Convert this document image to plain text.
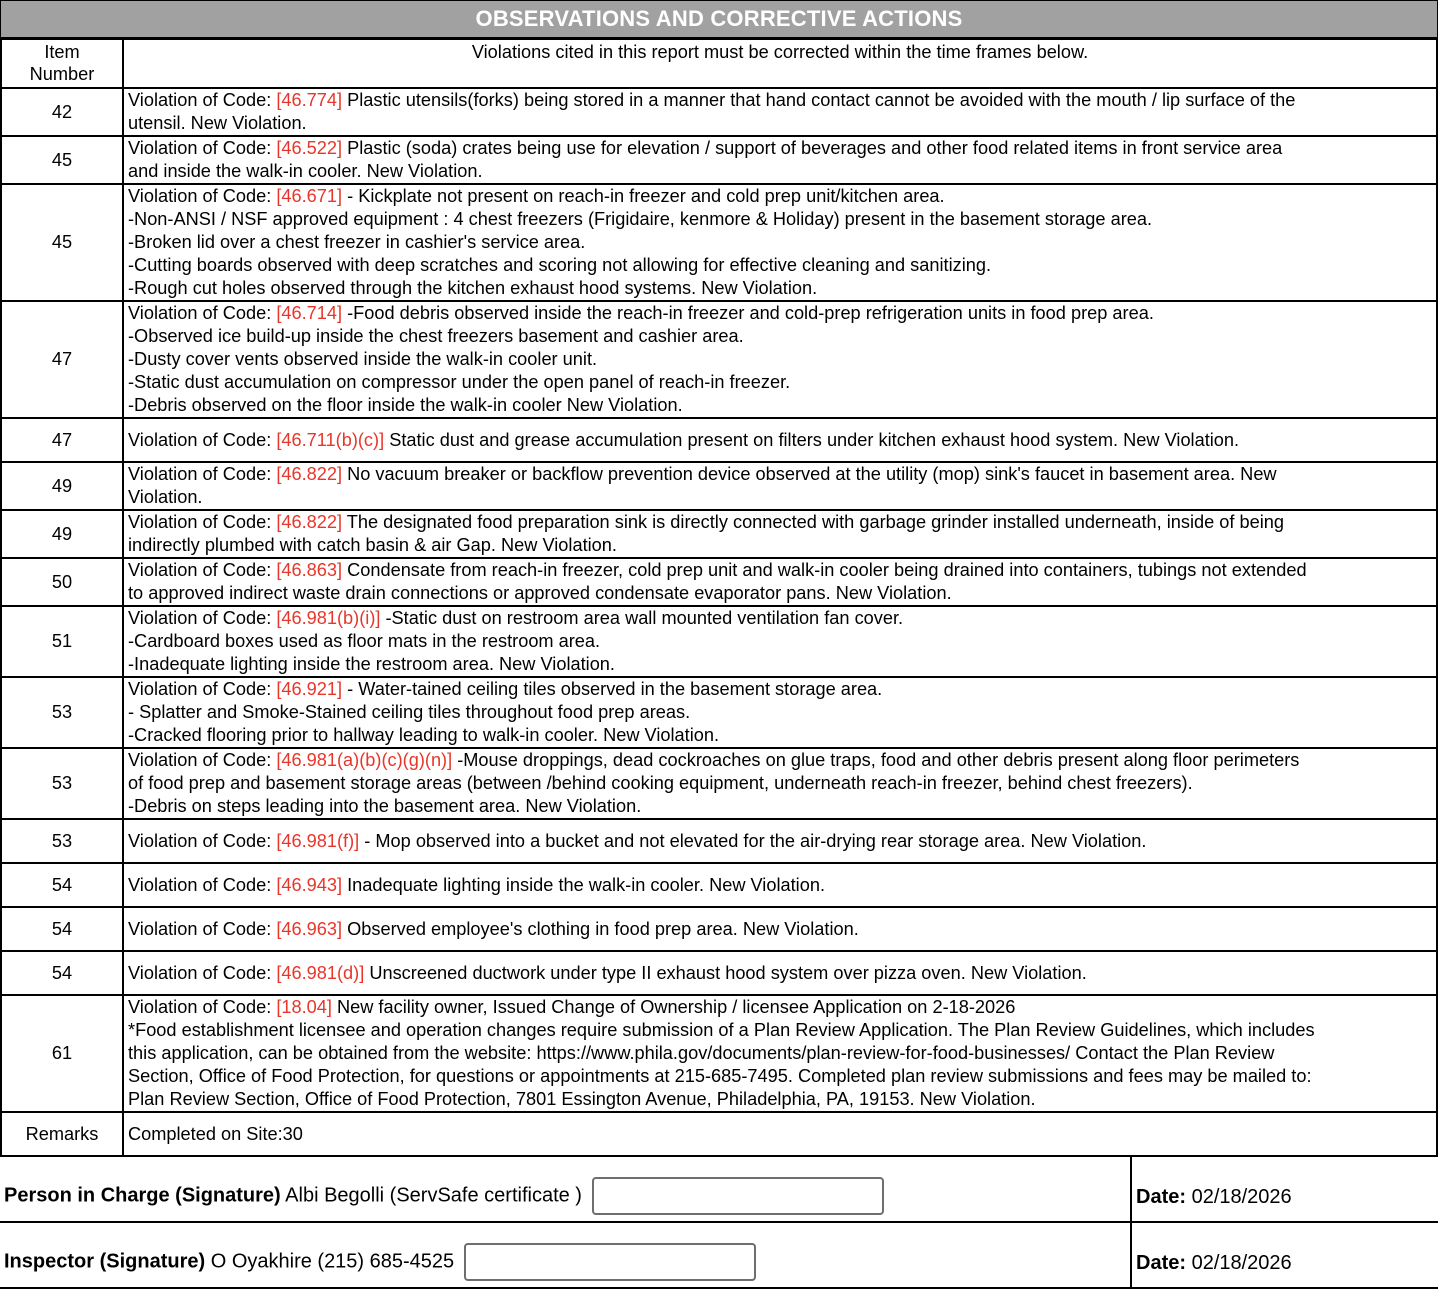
OBSERVATIONS AND CORRECTIVE ACTIONS
Item
Number	Violations cited in this report must be corrected within the time frames below.
42	Violation of Code: [46.774] Plastic utensils(forks) being stored in a manner that hand contact cannot be avoided with the mouth / lip surface of the
utensil. New Violation.

45	Violation of Code: [46.522] Plastic (soda) crates being use for elevation / support of beverages and other food related items in front service area
and inside the walk-in cooler. New Violation.

45	Violation of Code: [46.671] - Kickplate not present on reach-in freezer and cold prep unit/kitchen area.
-Non-ANSI / NSF approved equipment : 4 chest freezers (Frigidaire, kenmore & Holiday) present in the basement storage area.
-Broken lid over a chest freezer in cashier's service area.
-Cutting boards observed with deep scratches and scoring not allowing for effective cleaning and sanitizing.
-Rough cut holes observed through the kitchen exhaust hood systems. New Violation.

47	Violation of Code: [46.714] -Food debris observed inside the reach-in freezer and cold-prep refrigeration units in food prep area.
-Observed ice build-up inside the chest freezers basement and cashier area.
-Dusty cover vents observed inside the walk-in cooler unit.
-Static dust accumulation on compressor under the open panel of reach-in freezer.
-Debris observed on the floor inside the walk-in cooler New Violation.

47	Violation of Code: [46.711(b)(c)] Static dust and grease accumulation present on filters under kitchen exhaust hood system. New Violation.

49	Violation of Code: [46.822] No vacuum breaker or backflow prevention device observed at the utility (mop) sink's faucet in basement area. New
Violation.

49	Violation of Code: [46.822] The designated food preparation sink is directly connected with garbage grinder installed underneath, inside of being
indirectly plumbed with catch basin & air Gap. New Violation.

50	Violation of Code: [46.863] Condensate from reach-in freezer, cold prep unit and walk-in cooler being drained into containers, tubings not extended
to approved indirect waste drain connections or approved condensate evaporator pans. New Violation.

51	Violation of Code: [46.981(b)(i)] -Static dust on restroom area wall mounted ventilation fan cover.
-Cardboard boxes used as floor mats in the restroom area.
-Inadequate lighting inside the restroom area. New Violation.

53	Violation of Code: [46.921] - Water-tained ceiling tiles observed in the basement storage area.
- Splatter and Smoke-Stained ceiling tiles throughout food prep areas.
-Cracked flooring prior to hallway leading to walk-in cooler. New Violation.

53	Violation of Code: [46.981(a)(b)(c)(g)(n)] -Mouse droppings, dead cockroaches on glue traps, food and other debris present along floor perimeters
of food prep and basement storage areas (between /behind cooking equipment, underneath reach-in freezer, behind chest freezers).
-Debris on steps leading into the basement area. New Violation.

53	Violation of Code: [46.981(f)] - Mop observed into a bucket and not elevated for the air-drying rear storage area. New Violation.

54	Violation of Code: [46.943] Inadequate lighting inside the walk-in cooler. New Violation.

54	Violation of Code: [46.963] Observed employee's clothing in food prep area. New Violation.

54	Violation of Code: [46.981(d)] Unscreened ductwork under type II exhaust hood system over pizza oven. New Violation.

61	Violation of Code: [18.04] New facility owner, Issued Change of Ownership / licensee Application on 2-18-2026
*Food establishment licensee and operation changes require submission of a Plan Review Application. The Plan Review Guidelines, which includes
this application, can be obtained from the website: https://www.phila.gov/documents/plan-review-for-food-businesses/ Contact the Plan Review
Section, Office of Food Protection, for questions or appointments at 215-685-7495. Completed plan review submissions and fees may be mailed to:
Plan Review Section, Office of Food Protection, 7801 Essington Avenue, Philadelphia, PA, 19153. New Violation.

Remarks	Completed on Site:30
Person in Charge (Signature) Albi Begolli (ServSafe certificate )	Date: 02/18/2026
Inspector (Signature) O Oyakhire (215) 685-4525	Date: 02/18/2026
